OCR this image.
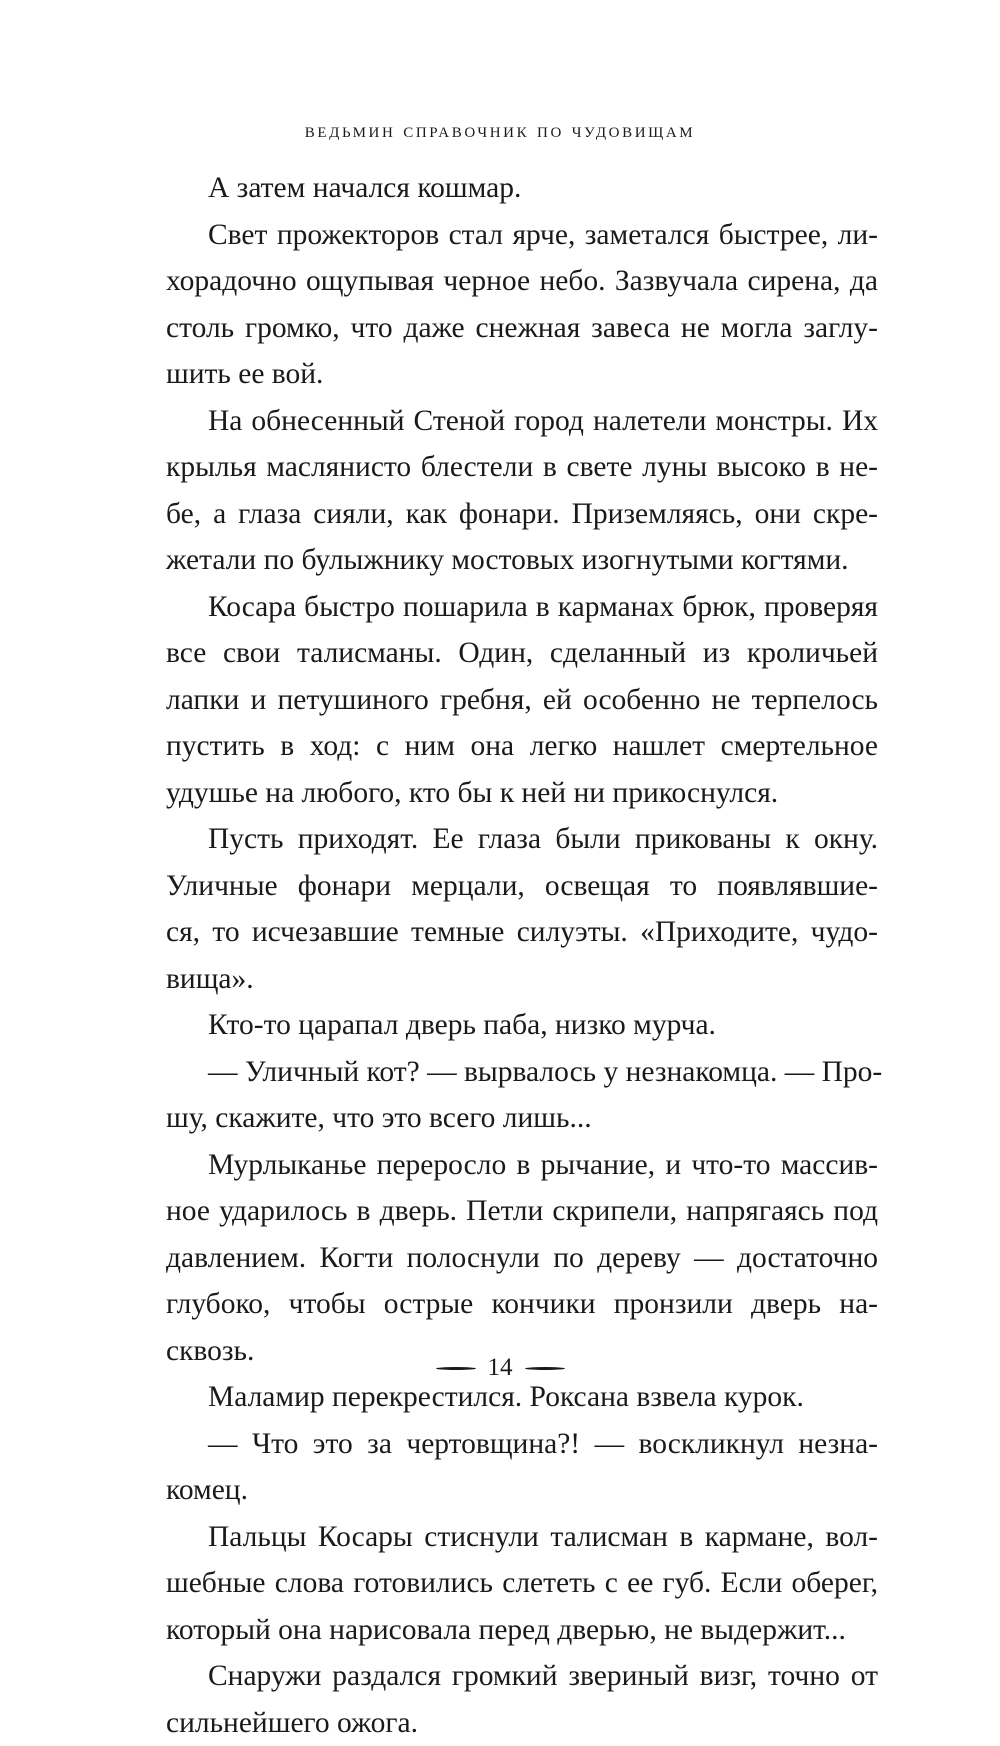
ведьмин справочник по чудовищам
А затем начался кошмар.
Свет прожекторов стал ярче, заметался быстрее, ли-
хорадочно ощупывая черное небо. Зазвучала сирена, да
столь громко, что даже снежная завеса не могла заглу-
шить ее вой.
На обнесенный Стеной город налетели монстры. Их
крылья маслянисто блестели в свете луны высоко в не-
бе, а глаза сияли, как фонари. Приземляясь, они скре-
жетали по булыжнику мостовых изогнутыми когтями.
Косара быстро пошарила в карманах брюк, проверяя
все свои талисманы. Один, сделанный из кроличьей
лапки и петушиного гребня, ей особенно не терпелось
пустить в ход: с ним она легко нашлет смертельное
удушье на любого, кто бы к ней ни прикоснулся.
Пусть приходят. Ее глаза были прикованы к окну.
Уличные фонари мерцали, освещая то появлявшие-
ся, то исчезавшие темные силуэты. «Приходите, чудо-
вища».
Кто-то царапал дверь паба, низко мурча.
— Уличный кот? — вырвалось у незнакомца. — Про-
шу, скажите, что это всего лишь...
Мурлыканье переросло в рычание, и что-то массив-
ное ударилось в дверь. Петли скрипели, напрягаясь под
давлением. Когти полоснули по дереву — достаточно
глубоко, чтобы острые кончики пронзили дверь на-
сквозь.
Маламир перекрестился. Роксана взвела курок.
— Что это за чертовщина?! — воскликнул незна-
комец.
Пальцы Косары стиснули талисман в кармане, вол-
шебные слова готовились слететь с ее губ. Если оберег,
который она нарисовала перед дверью, не выдержит...
Снаружи раздался громкий звериный визг, точно от
сильнейшего ожога.
14
